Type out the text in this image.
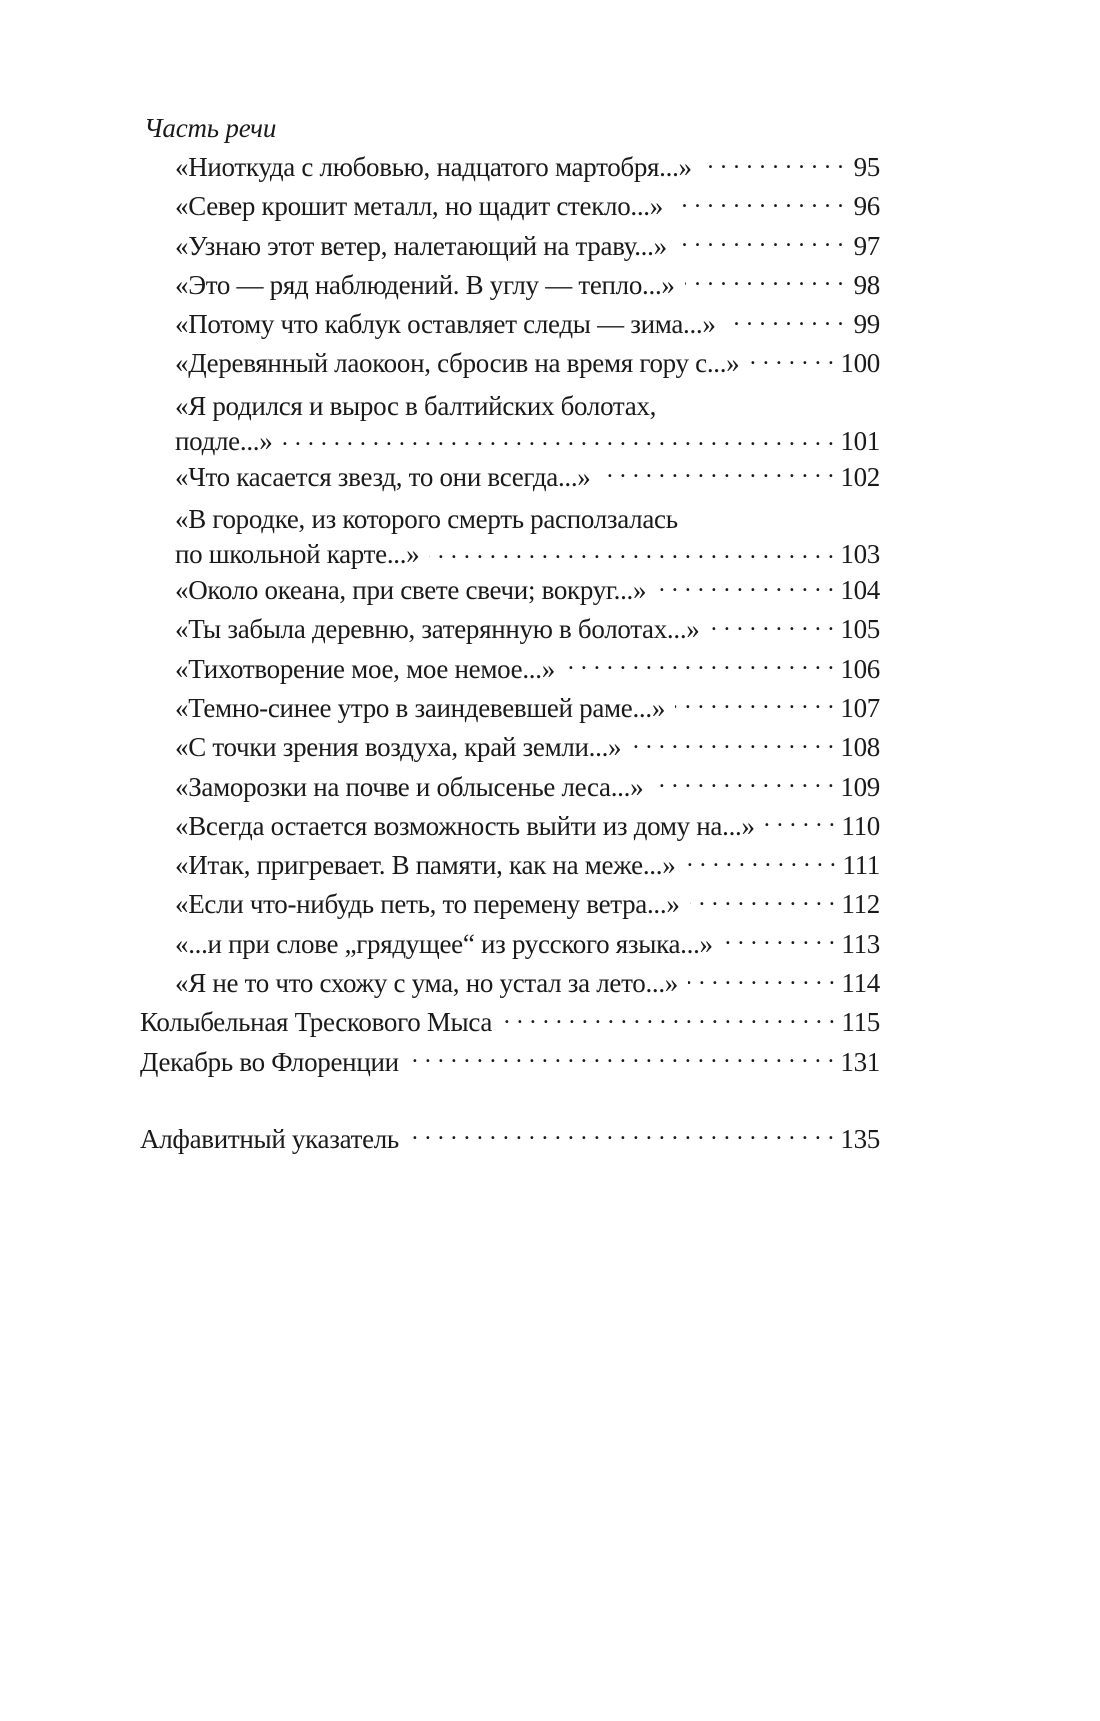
Часть речи
«Ниоткуда с любовью, надцатого мартобря...» . . .	95
«Север крошит металл, но щадит стекло...» . . .	96
«Узнаю этот ветер, налетающий на траву...» . . .	97
«Это — ряд наблюдений. В углу — тепло...» . . .	98
«Потому что каблук оставляет следы — зима...» . . .	99
«Деревянный лаокоон, сбросив на время гору с...» . . .	100
«Я родился и вырос в балтийских болотах,
подле...» . . .	101
«Что касается звезд, то они всегда...» . . .	102
«В городке, из которого смерть расползалась
по школьной карте...» . . .	103
«Около океана, при свете свечи; вокруг...» . . .	104
«Ты забыла деревню, затерянную в болотах...» . . .	105
«Тихотворение мое, мое немое...» . . .	106
«Темно-синее утро в заиндевевшей раме...» . . .	107
«С точки зрения воздуха, край земли...» . . .	108
«Заморозки на почве и облысенье леса...» . . .	109
«Всегда остается возможность выйти из дому на...» . . .	110
«Итак, пригревает. В памяти, как на меже...» . . .	111
«Если что-нибудь петь, то перемену ветра...» . . .	112
«...и при слове „грядущее“ из русского языка...» . . .	113
«Я не то что схожу с ума, но устал за лето...» . . .	114
Колыбельная Трескового Мыса . . .	115
Декабрь во Флоренции . . .	131
Алфавитный указатель . . .	135
